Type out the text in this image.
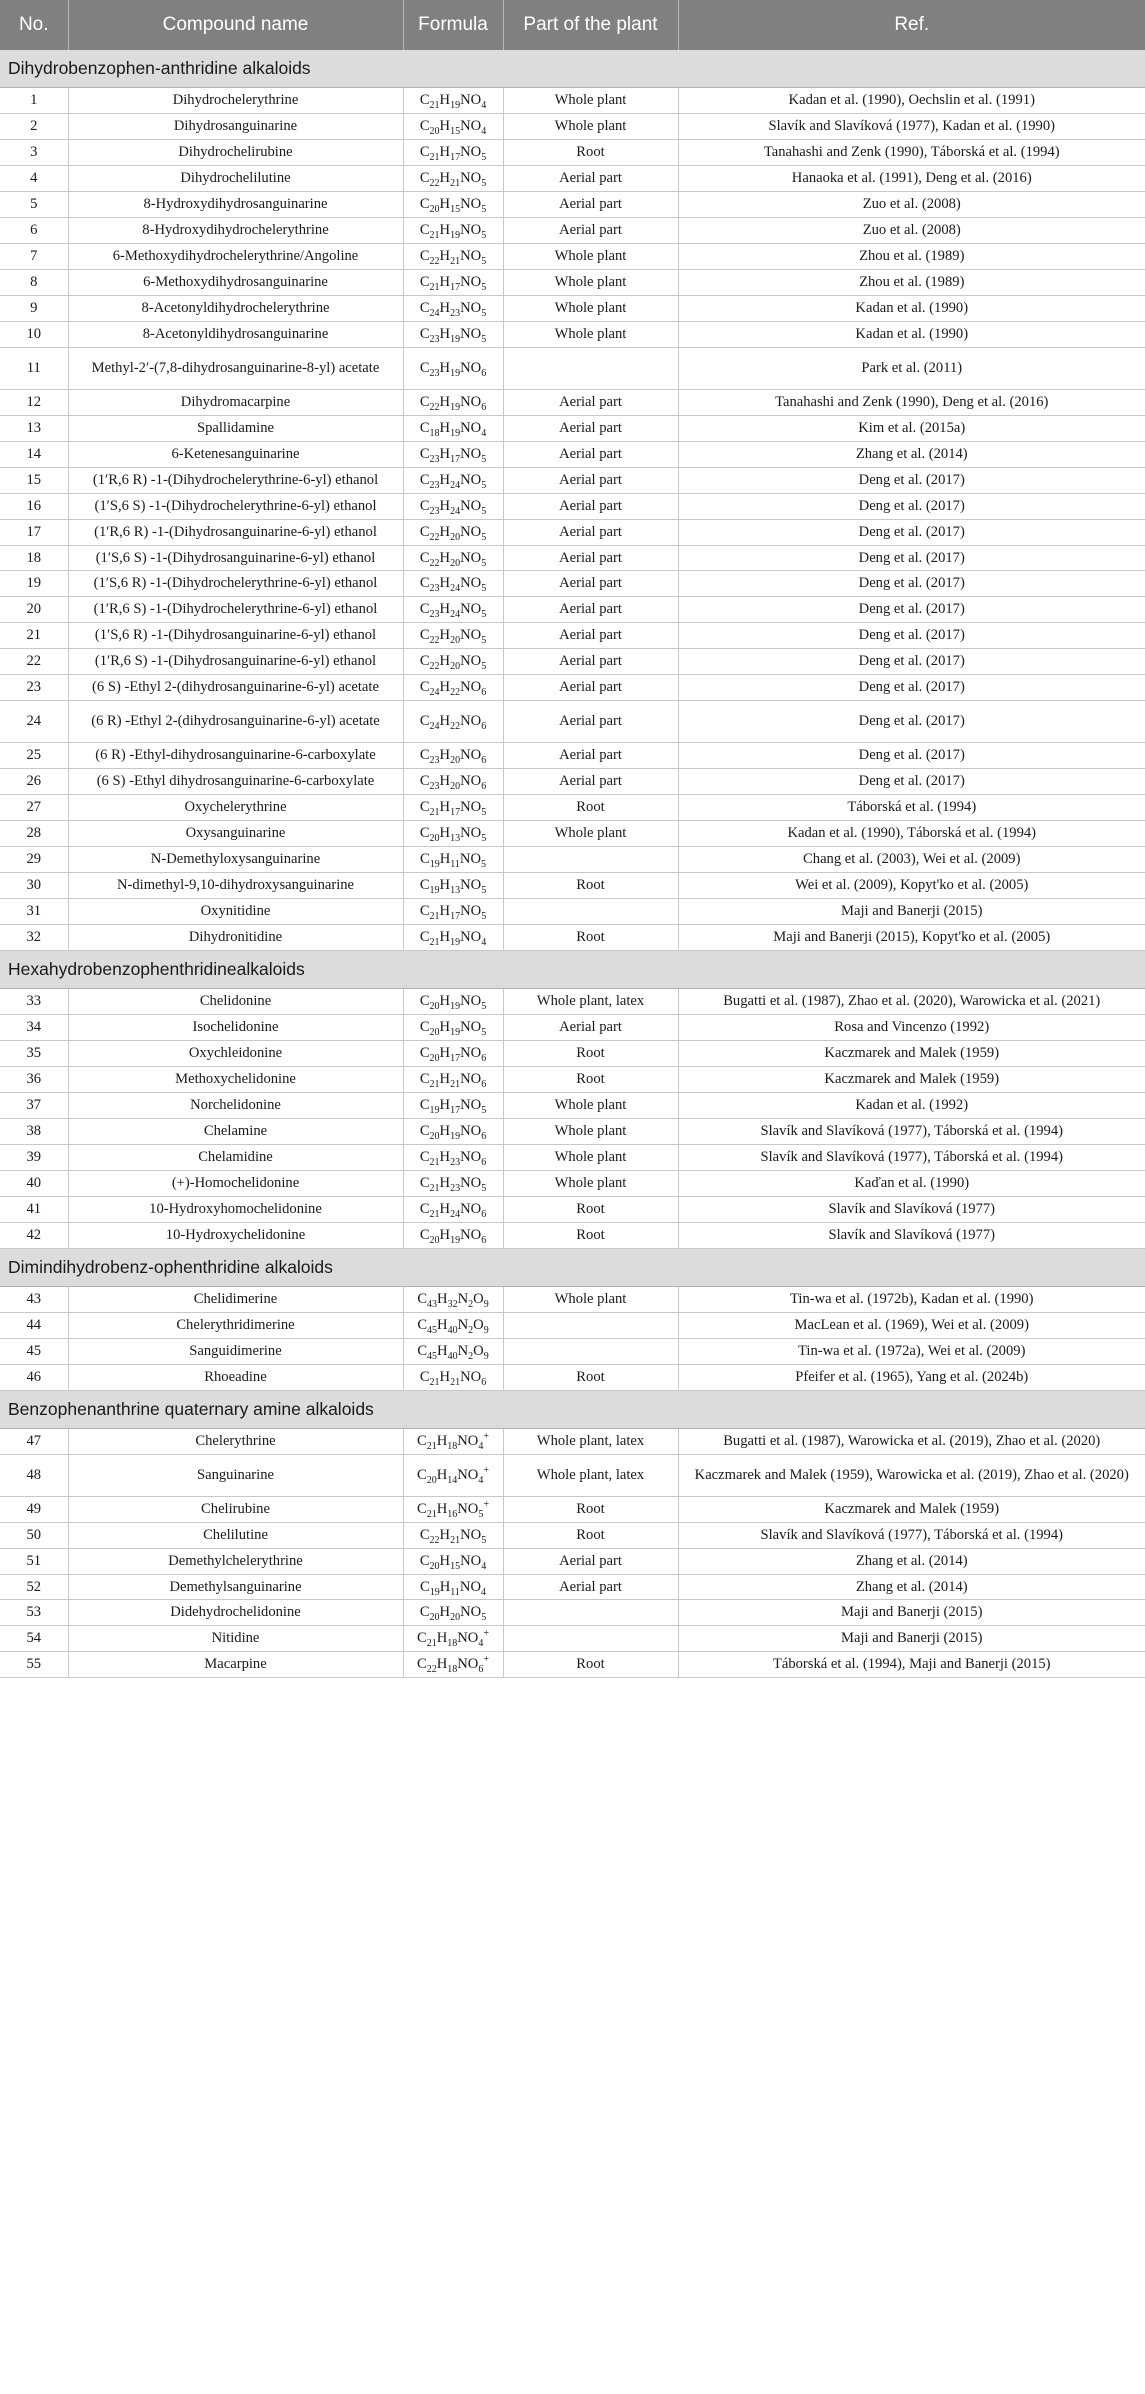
No.	Compound name	Formula	Part of the plant	Ref.
Dihydrobenzophen-anthridine alkaloids				
1	Dihydrochelerythrine	$C_{21}H_{19}NO_4$	Whole plant	Kadan et al. (1990), Oechslin et al. (1991)
2	Dihydrosanguinarine	$C_{20}H_{15}NO_4$	Whole plant	Slavík and Slavíková (1977), Kadan et al. (1990)
3	Dihydrochelirubine	$C_{21}H_{17}NO_5$	Root	Tanahashi and Zenk (1990), Táborská et al. (1994)
4	Dihydrochelilutine	$C_{22}H_{21}NO_5$	Aerial part	Hanaoka et al. (1991), Deng et al. (2016)
5	8-Hydroxydihydrosanguinarine	$C_{20}H_{15}NO_5$	Aerial part	Zuo et al. (2008)
6	8-Hydroxydihydrochelerythrine	$C_{21}H_{19}NO_5$	Aerial part	Zuo et al. (2008)
7	6-Methoxydihydrochelerythrine/Angoline	$C_{22}H_{21}NO_5$	Whole plant	Zhou et al. (1989)
8	6-Methoxydihydrosanguinarine	$C_{21}H_{17}NO_5$	Whole plant	Zhou et al. (1989)
9	8-Acetonyldihydrochelerythrine	$C_{24}H_{23}NO_5$	Whole plant	Kadan et al. (1990)
10	8-Acetonyldihydrosanguinarine	$C_{23}H_{19}NO_5$	Whole plant	Kadan et al. (1990)
11	Methyl-2ʹ-(7,8-dihydrosanguinarine-8-yl) acetate	$C_{23}H_{19}NO_6$		Park et al. (2011)
12	Dihydromacarpine	$C_{22}H_{19}NO_6$	Aerial part	Tanahashi and Zenk (1990), Deng et al. (2016)
13	Spallidamine	$C_{18}H_{19}NO_4$	Aerial part	Kim et al. (2015a)
14	6-Ketenesanguinarine	$C_{23}H_{17}NO_5$	Aerial part	Zhang et al. (2014)
15	(1ʹR,6 R) -1-(Dihydrochelerythrine-6-yl) ethanol	$C_{23}H_{24}NO_5$	Aerial part	Deng et al. (2017)
16	(1ʹS,6 S) -1-(Dihydrochelerythrine-6-yl) ethanol	$C_{23}H_{24}NO_5$	Aerial part	Deng et al. (2017)
17	(1ʹR,6 R) -1-(Dihydrosanguinarine-6-yl) ethanol	$C_{22}H_{20}NO_5$	Aerial part	Deng et al. (2017)
18	(1ʹS,6 S) -1-(Dihydrosanguinarine-6-yl) ethanol	$C_{22}H_{20}NO_5$	Aerial part	Deng et al. (2017)
19	(1ʹS,6 R) -1-(Dihydrochelerythrine-6-yl) ethanol	$C_{23}H_{24}NO_5$	Aerial part	Deng et al. (2017)
20	(1ʹR,6 S) -1-(Dihydrochelerythrine-6-yl) ethanol	$C_{23}H_{24}NO_5$	Aerial part	Deng et al. (2017)
21	(1ʹS,6 R) -1-(Dihydrosanguinarine-6-yl) ethanol	$C_{22}H_{20}NO_5$	Aerial part	Deng et al. (2017)
22	(1ʹR,6 S) -1-(Dihydrosanguinarine-6-yl) ethanol	$C_{22}H_{20}NO_5$	Aerial part	Deng et al. (2017)
23	(6 S) -Ethyl 2-(dihydrosanguinarine-6-yl) acetate	$C_{24}H_{22}NO_6$	Aerial part	Deng et al. (2017)
24	(6 R) -Ethyl 2-(dihydrosanguinarine-6-yl) acetate	$C_{24}H_{22}NO_6$	Aerial part	Deng et al. (2017)
25	(6 R) -Ethyl-dihydrosanguinarine-6-carboxylate	$C_{23}H_{20}NO_6$	Aerial part	Deng et al. (2017)
26	(6 S) -Ethyl dihydrosanguinarine-6-carboxylate	$C_{23}H_{20}NO_6$	Aerial part	Deng et al. (2017)
27	Oxychelerythrine	$C_{21}H_{17}NO_5$	Root	Táborská et al. (1994)
28	Oxysanguinarine	$C_{20}H_{13}NO_5$	Whole plant	Kadan et al. (1990), Táborská et al. (1994)
29	N-Demethyloxysanguinarine	$C_{19}H_{11}NO_5$		Chang et al. (2003), Wei et al. (2009)
30	N-dimethyl-9,10-dihydroxysanguinarine	$C_{19}H_{13}NO_5$	Root	Wei et al. (2009), Kopyt'ko et al. (2005)
31	Oxynitidine	$C_{21}H_{17}NO_5$		Maji and Banerji (2015)
32	Dihydronitidine	$C_{21}H_{19}NO_4$	Root	Maji and Banerji (2015), Kopyt'ko et al. (2005)
Hexahydrobenzophenthridinealkaloids				
33	Chelidonine	$C_{20}H_{19}NO_5$	Whole plant, latex	Bugatti et al. (1987), Zhao et al. (2020), Warowicka et al. (2021)
34	Isochelidonine	$C_{20}H_{19}NO_5$	Aerial part	Rosa and Vincenzo (1992)
35	Oxychleidonine	$C_{20}H_{17}NO_6$	Root	Kaczmarek and Malek (1959)
36	Methoxychelidonine	$C_{21}H_{21}NO_6$	Root	Kaczmarek and Malek (1959)
37	Norchelidonine	$C_{19}H_{17}NO_5$	Whole plant	Kadan et al. (1992)
38	Chelamine	$C_{20}H_{19}NO_6$	Whole plant	Slavík and Slavíková (1977), Táborská et al. (1994)
39	Chelamidine	$C_{21}H_{23}NO_6$	Whole plant	Slavík and Slavíková (1977), Táborská et al. (1994)
40	(+)-Homochelidonine	$C_{21}H_{23}NO_5$	Whole plant	Kaďan et al. (1990)
41	10-Hydroxyhomochelidonine	$C_{21}H_{24}NO_6$	Root	Slavík and Slavíková (1977)
42	10-Hydroxychelidonine	$C_{20}H_{19}NO_6$	Root	Slavík and Slavíková (1977)
Dimindihydrobenz-ophenthridine alkaloids				
43	Chelidimerine	$C_{43}H_{32}N_2O_9$	Whole plant	Tin-wa et al. (1972b), Kadan et al. (1990)
44	Chelerythridimerine	$C_{45}H_{40}N_2O_9$		MacLean et al. (1969), Wei et al. (2009)
45	Sanguidimerine	$C_{45}H_{40}N_2O_9$		Tin-wa et al. (1972a), Wei et al. (2009)
46	Rhoeadine	$C_{21}H_{21}NO_6$	Root	Pfeifer et al. (1965), Yang et al. (2024b)
Benzophenanthrine quaternary amine alkaloids				
47	Chelerythrine	$C_{21}H_{18}NO_4^+$	Whole plant, latex	Bugatti et al. (1987), Warowicka et al. (2019), Zhao et al. (2020)
48	Sanguinarine	$C_{20}H_{14}NO_4^+$	Whole plant, latex	Kaczmarek and Malek (1959), Warowicka et al. (2019), Zhao et al. (2020)
49	Chelirubine	$C_{21}H_{16}NO_5^+$	Root	Kaczmarek and Malek (1959)
50	Chelilutine	$C_{22}H_{21}NO_5$	Root	Slavík and Slavíková (1977), Táborská et al. (1994)
51	Demethylchelerythrine	$C_{20}H_{15}NO_4$	Aerial part	Zhang et al. (2014)
52	Demethylsanguinarine	$C_{19}H_{11}NO_4$	Aerial part	Zhang et al. (2014)
53	Didehydrochelidonine	$C_{20}H_{20}NO_5$		Maji and Banerji (2015)
54	Nitidine	$C_{21}H_{18}NO_4^+$		Maji and Banerji (2015)
55	Macarpine	$C_{22}H_{18}NO_6^+$	Root	Táborská et al. (1994), Maji and Banerji (2015)
